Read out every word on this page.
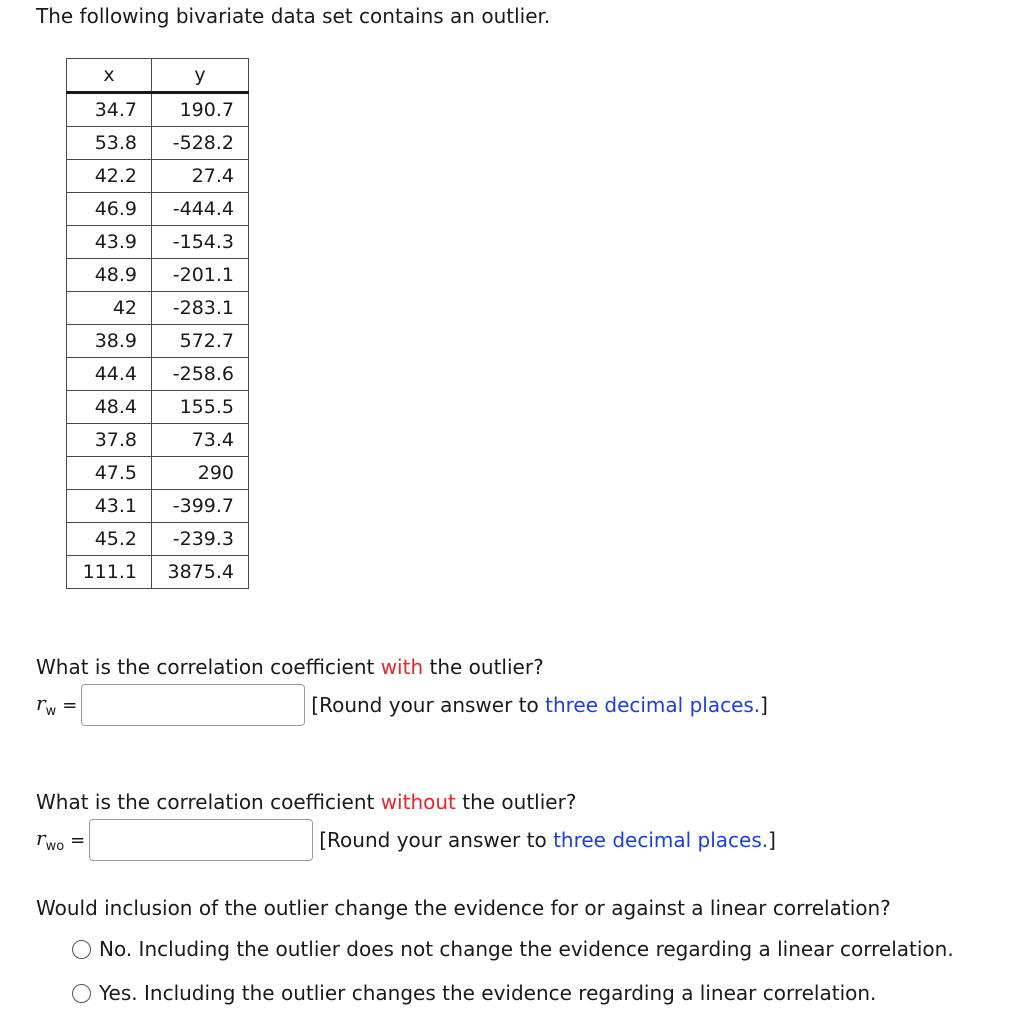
The following bivariate data set contains an outlier.

x	y
34.7	190.7
53.8	-528.2
42.2	27.4
46.9	-444.4
43.9	-154.3
48.9	-201.1
42	-283.1
38.9	572.7
44.4	-258.6
48.4	155.5
37.8	73.4
47.5	290
43.1	-399.7
45.2	-239.3
111.1	3875.4

What is the correlation coefficient with the outlier?

$r_w$ =	[Round your answer to three decimal places.]

What is the correlation coefficient without the outlier?

$r_{wo}$ =	[Round your answer to three decimal places.]

Would inclusion of the outlier change the evidence for or against a linear correlation?

No. Including the outlier does not change the evidence regarding a linear correlation.
Yes. Including the outlier changes the evidence regarding a linear correlation.
